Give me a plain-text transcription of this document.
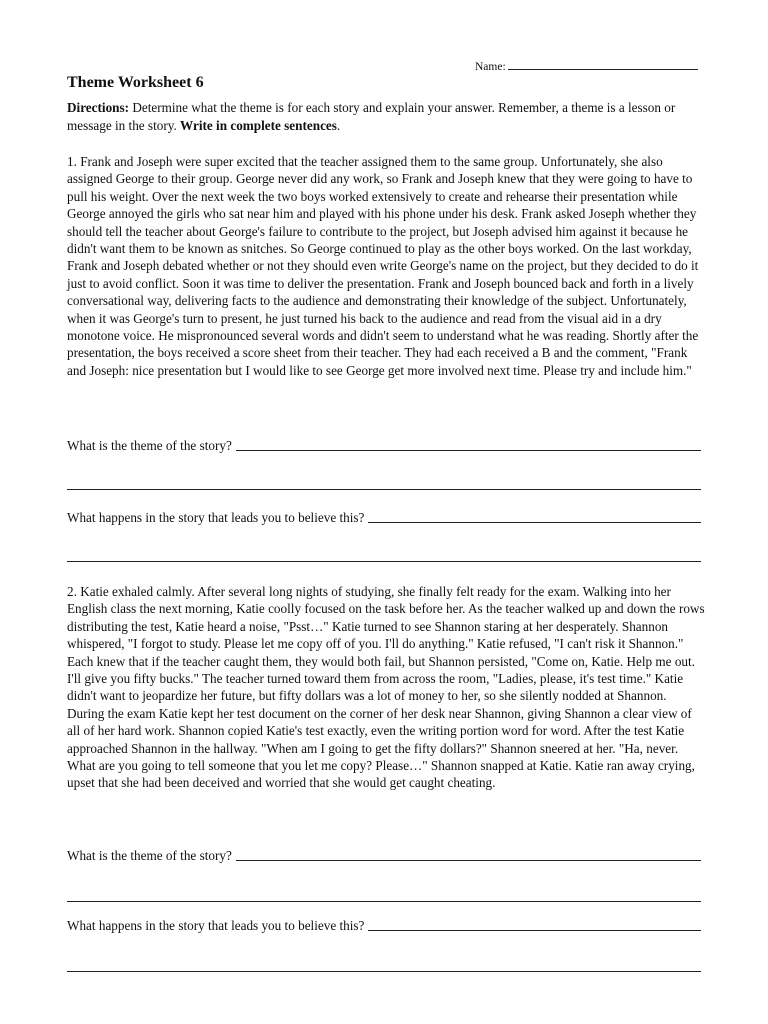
Name:
Theme Worksheet 6

Directions: Determine what the theme is for each story and explain your answer. Remember, a theme is a lesson or message in the story. Write in complete sentences.

1. Frank and Joseph were super excited that the teacher assigned them to the same group. Unfortunately, she also assigned George to their group. George never did any work, so Frank and Joseph knew that they were going to have to pull his weight. Over the next week the two boys worked extensively to create and rehearse their presentation while George annoyed the girls who sat near him and played with his phone under his desk. Frank asked Joseph whether they should tell the teacher about George's failure to contribute to the project, but Joseph advised him against it because he didn't want them to be known as snitches. So George continued to play as the other boys worked. On the last workday, Frank and Joseph debated whether or not they should even write George's name on the project, but they decided to do it just to avoid conflict. Soon it was time to deliver the presentation. Frank and Joseph bounced back and forth in a lively conversational way, delivering facts to the audience and demonstrating their knowledge of the subject. Unfortunately, when it was George's turn to present, he just turned his back to the audience and read from the visual aid in a dry monotone voice. He mispronounced several words and didn't seem to understand what he was reading. Shortly after the presentation, the boys received a score sheet from their teacher. They had each received a B and the comment, "Frank and Joseph: nice presentation but I would like to see George get more involved next time. Please try and include him."

What is the theme of the story?
What happens in the story that leads you to believe this?

2. Katie exhaled calmly. After several long nights of studying, she finally felt ready for the exam. Walking into her English class the next morning, Katie coolly focused on the task before her. As the teacher walked up and down the rows distributing the test, Katie heard a noise, "Psst…" Katie turned to see Shannon staring at her desperately. Shannon whispered, "I forgot to study. Please let me copy off of you. I'll do anything." Katie refused, "I can't risk it Shannon." Each knew that if the teacher caught them, they would both fail, but Shannon persisted, "Come on, Katie. Help me out. I'll give you fifty bucks." The teacher turned toward them from across the room, "Ladies, please, it's test time." Katie didn't want to jeopardize her future, but fifty dollars was a lot of money to her, so she silently nodded at Shannon. During the exam Katie kept her test document on the corner of her desk near Shannon, giving Shannon a clear view of all of her hard work. Shannon copied Katie's test exactly, even the writing portion word for word. After the test Katie approached Shannon in the hallway. "When am I going to get the fifty dollars?" Shannon sneered at her. "Ha, never. What are you going to tell someone that you let me copy? Please…" Shannon snapped at Katie. Katie ran away crying, upset that she had been deceived and worried that she would get caught cheating.

What is the theme of the story?
What happens in the story that leads you to believe this?
